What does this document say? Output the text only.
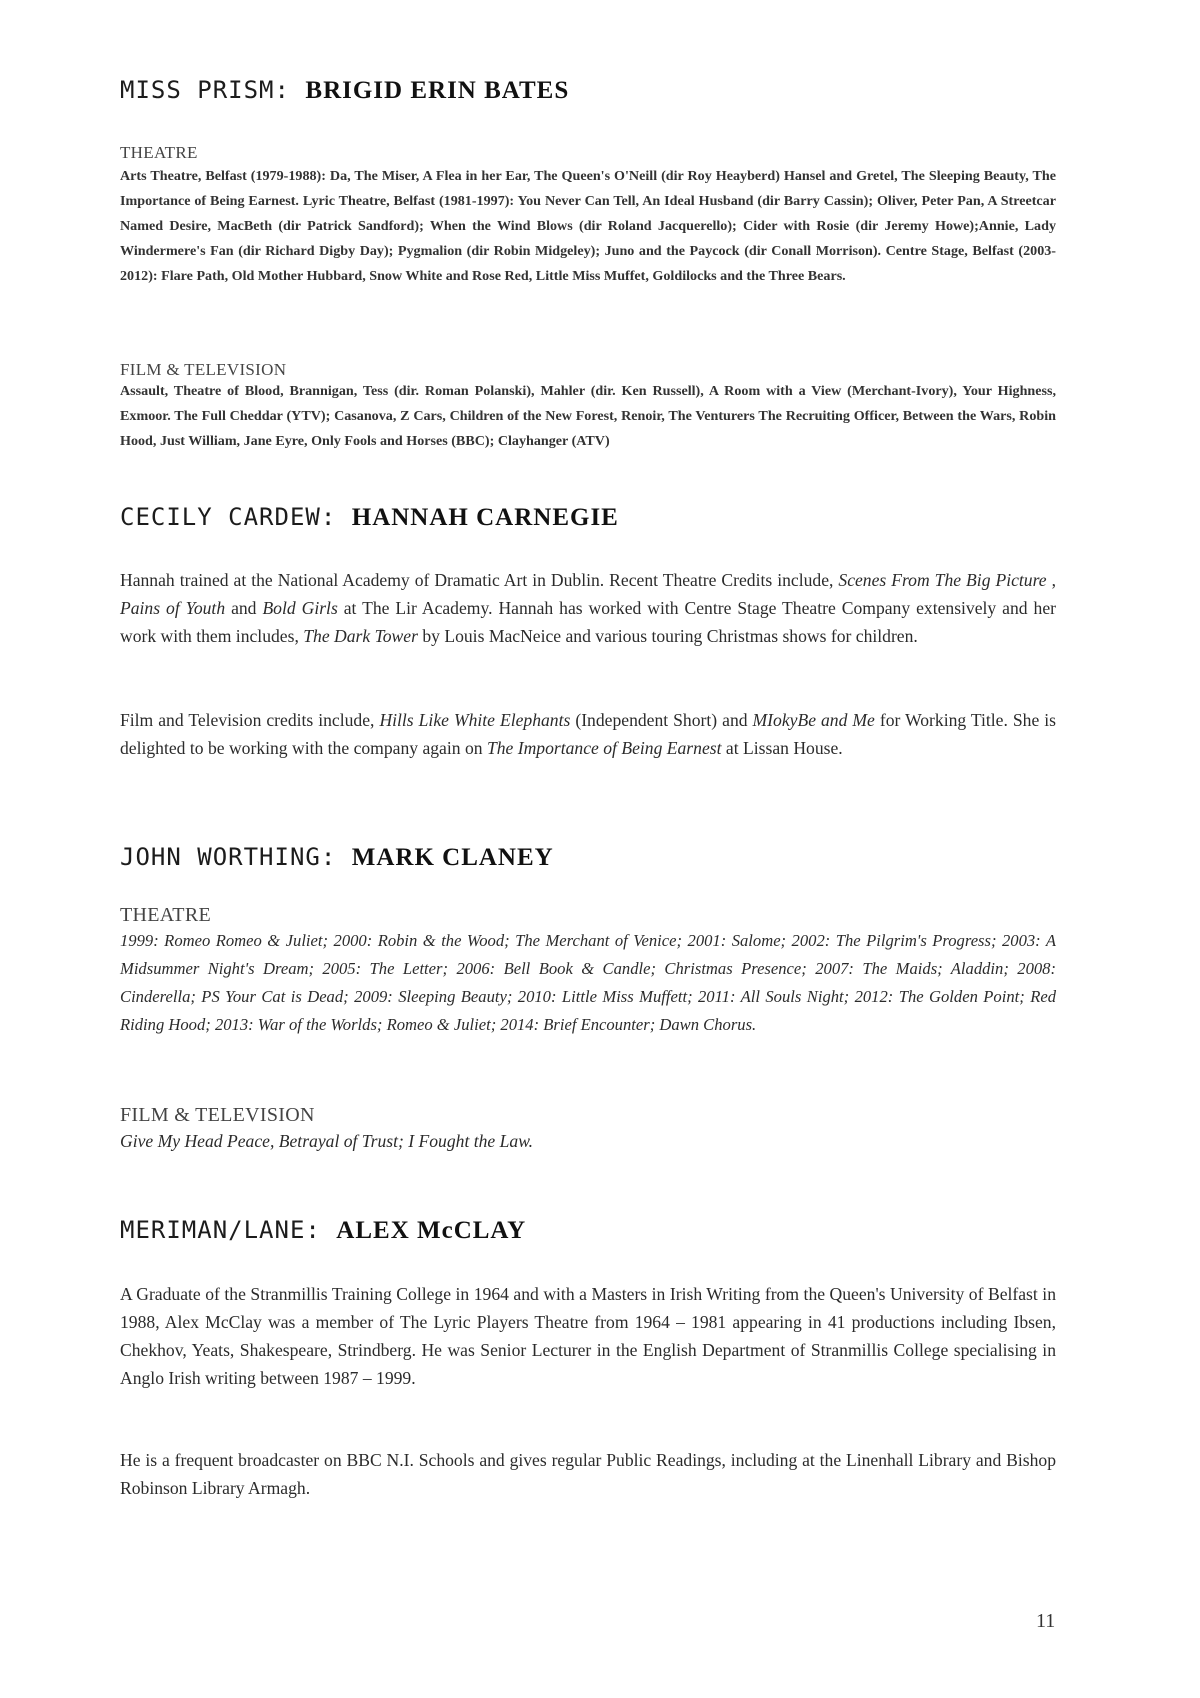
MISS PRISM: BRIGID ERIN BATES

THEATRE

Arts Theatre, Belfast (1979-1988): Da, The Miser, A Flea in her Ear, The Queen's O'Neill (dir Roy Heayberd) Hansel and Gretel, The Sleeping Beauty, The Importance of Being Earnest. Lyric Theatre, Belfast (1981-1997): You Never Can Tell, An Ideal Husband (dir Barry Cassin); Oliver, Peter Pan, A Streetcar Named Desire, MacBeth (dir Patrick Sandford); When the Wind Blows (dir Roland Jacquerello); Cider with Rosie (dir Jeremy Howe);Annie, Lady Windermere's Fan (dir Richard Digby Day); Pygmalion (dir Robin Midgeley); Juno and the Paycock (dir Conall Morrison). Centre Stage, Belfast (2003-2012): Flare Path, Old Mother Hubbard, Snow White and Rose Red, Little Miss Muffet, Goldilocks and the Three Bears.

FILM & TELEVISION

Assault, Theatre of Blood, Brannigan, Tess (dir. Roman Polanski), Mahler (dir. Ken Russell), A Room with a View (Merchant-Ivory), Your Highness, Exmoor. The Full Cheddar (YTV); Casanova, Z Cars, Children of the New Forest, Renoir, The Venturers The Recruiting Officer, Between the Wars, Robin Hood, Just William, Jane Eyre, Only Fools and Horses (BBC); Clayhanger (ATV)

CECILY CARDEW: HANNAH CARNEGIE

Hannah trained at the National Academy of Dramatic Art in Dublin. Recent Theatre Credits include, Scenes From The Big Picture , Pains of Youth and Bold Girls at The Lir Academy. Hannah has worked with Centre Stage Theatre Company extensively and her work with them includes, The Dark Tower by Louis MacNeice and various touring Christmas shows for children.

Film and Television credits include, Hills Like White Elephants (Independent Short) and MIokyBe and Me for Working Title. She is delighted to be working with the company again on The Importance of Being Earnest at Lissan House.

JOHN WORTHING: MARK CLANEY

THEATRE

1999: Romeo Romeo & Juliet; 2000: Robin & the Wood; The Merchant of Venice; 2001: Salome; 2002: The Pilgrim's Progress; 2003: A Midsummer Night's Dream; 2005: The Letter; 2006: Bell Book & Candle; Christmas Presence; 2007: The Maids; Aladdin; 2008: Cinderella; PS Your Cat is Dead; 2009: Sleeping Beauty; 2010: Little Miss Muffett; 2011: All Souls Night; 2012: The Golden Point; Red Riding Hood; 2013: War of the Worlds; Romeo & Juliet; 2014: Brief Encounter; Dawn Chorus.

FILM & TELEVISION

Give My Head Peace, Betrayal of Trust; I Fought the Law.

MERIMAN/LANE: ALEX McCLAY

A Graduate of the Stranmillis Training College in 1964 and with a Masters in Irish Writing from the Queen's University of Belfast in 1988, Alex McClay was a member of The Lyric Players Theatre from 1964 – 1981 appearing in 41 productions including Ibsen, Chekhov, Yeats, Shakespeare, Strindberg. He was Senior Lecturer in the English Department of Stranmillis College specialising in Anglo Irish writing between 1987 – 1999.

He is a frequent broadcaster on BBC N.I. Schools and gives regular Public Readings, including at the Linenhall Library and Bishop Robinson Library Armagh.

11
